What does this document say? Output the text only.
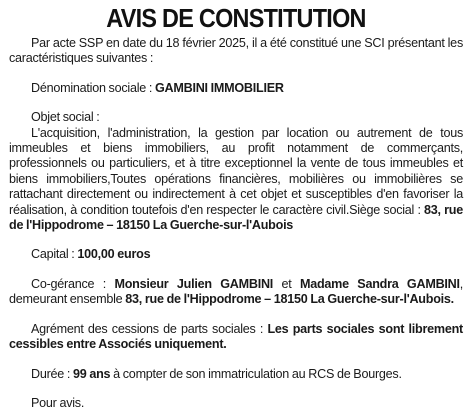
AVIS DE CONSTITUTION

Par acte SSP en date du 18 février 2025, il a été constitué une SCI présentant les caractéristiques suivantes :

Dénomination sociale : GAMBINI IMMOBILIER

Objet social :

L'acquisition, l'administration, la gestion par location ou autrement de tous immeubles et biens immobiliers, au profit notamment de commerçants, professionnels ou particuliers, et à titre exceptionnel la vente de tous immeubles et biens immobiliers,Toutes opérations financières, mobilières ou immobilières se rattachant directement ou indirectement à cet objet et susceptibles d'en favoriser la réalisation, à condition toutefois d'en respecter le caractère civil.Siège social : 83, rue de l'Hippodrome – 18150 La Guerche-sur-l'Aubois

Capital : 100,00 euros

Co-gérance : Monsieur Julien GAMBINI et Madame Sandra GAMBINI, demeurant ensemble 83, rue de l'Hippodrome – 18150 La Guerche-sur-l'Aubois.

Agrément des cessions de parts sociales : Les parts sociales sont librement cessibles entre Associés uniquement.

Durée : 99 ans à compter de son immatriculation au RCS de Bourges.

Pour avis.
